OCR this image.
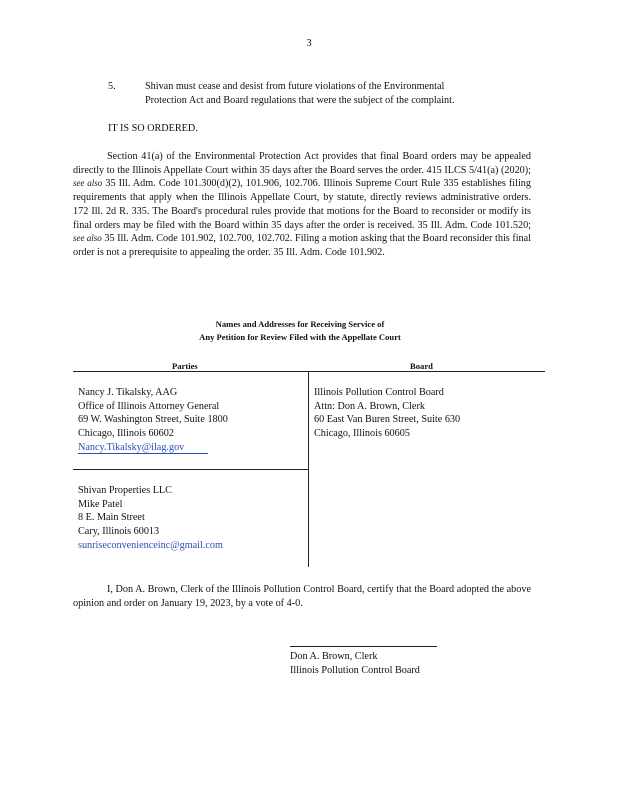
3
5.	Shivan must cease and desist from future violations of the Environmental
Protection Act and Board regulations that were the subject of the complaint.
IT IS SO ORDERED.
Section 41(a) of the Environmental Protection Act provides that final Board orders may be appealed directly to the Illinois Appellate Court within 35 days after the Board serves the order. 415 ILCS 5/41(a) (2020); see also 35 Ill. Adm. Code 101.300(d)(2), 101.906, 102.706. Illinois Supreme Court Rule 335 establishes filing requirements that apply when the Illinois Appellate Court, by statute, directly reviews administrative orders. 172 Ill. 2d R. 335. The Board's procedural rules provide that motions for the Board to reconsider or modify its final orders may be filed with the Board within 35 days after the order is received. 35 Ill. Adm. Code 101.520; see also 35 Ill. Adm. Code 101.902, 102.700, 102.702. Filing a motion asking that the Board reconsider this final order is not a prerequisite to appealing the order. 35 Ill. Adm. Code 101.902.
Names and Addresses for Receiving Service of
Any Petition for Review Filed with the Appellate Court
Parties	Board
Nancy J. Tikalsky, AAG
Office of Illinois Attorney General
69 W. Washington Street, Suite 1800
Chicago, Illinois 60602
Nancy.Tikalsky@ilag.gov
Illinois Pollution Control Board
Attn: Don A. Brown, Clerk
60 East Van Buren Street, Suite 630
Chicago, Illinois 60605
Shivan Properties LLC
Mike Patel
8 E. Main Street
Cary, Illinois 60013
sunriseconvenienceinc@gmail.com
I, Don A. Brown, Clerk of the Illinois Pollution Control Board, certify that the Board adopted the above opinion and order on January 19, 2023, by a vote of 4-0.
Don A. Brown, Clerk
Illinois Pollution Control Board
